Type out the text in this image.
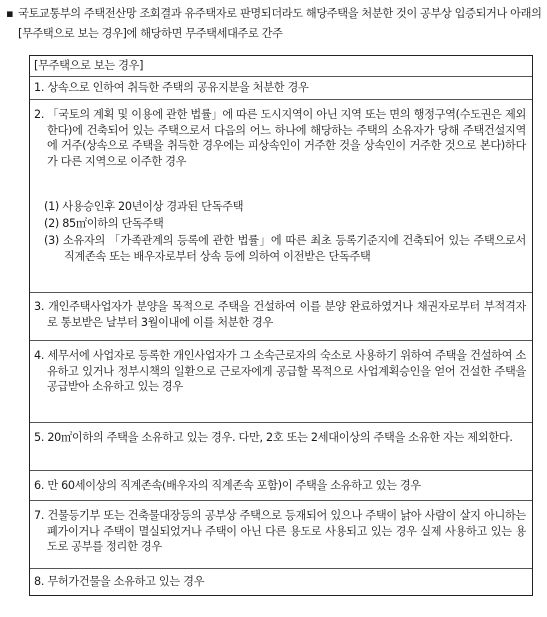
▪ 국토교통부의 주택전산망 조회결과 유주택자로 판명되더라도 해당주택을 처분한 것이 공부상 입증되거나 아래의 [무주택으로 보는 경우]에 해당하면 무주택세대주로 간주
[무주택으로 보는 경우]
1. 상속으로 인하여 취득한 주택의 공유지분을 처분한 경우
2. 「국토의 계획 및 이용에 관한 법률」에 따른 도시지역이 아닌 지역 또는 면의 행정구역(수도권은 제외한다)에 건축되어 있는 주택으로서 다음의 어느 하나에 해당하는 주택의 소유자가 당해 주택건설지역에 거주(상속으로 주택을 취득한 경우에는 피상속인이 거주한 것을 상속인이 거주한 것으로 본다)하다가 다른 지역으로 이주한 경우
(1) 사용승인후 20년이상 경과된 단독주택
(2) 85㎡이하의 단독주택
(3) 소유자의 「가족관계의 등록에 관한 법률」에 따른 최초 등록기준지에 건축되어 있는 주택으로서 직계존속 또는 배우자로부터 상속 등에 의하여 이전받은 단독주택
3. 개인주택사업자가 분양을 목적으로 주택을 건설하여 이를 분양 완료하였거나 채권자로부터 부적격자로 통보받은 날부터 3월이내에 이를 처분한 경우
4. 세무서에 사업자로 등록한 개인사업자가 그 소속근로자의 숙소로 사용하기 위하여 주택을 건설하여 소유하고 있거나 정부시책의 일환으로 근로자에게 공급할 목적으로 사업계획승인을 얻어 건설한 주택을 공급받아 소유하고 있는 경우
5. 20㎡이하의 주택을 소유하고 있는 경우. 다만, 2호 또는 2세대이상의 주택을 소유한 자는 제외한다.
6. 만 60세이상의 직계존속(배우자의 직계존속 포함)이 주택을 소유하고 있는 경우
7. 건물등기부 또는 건축물대장등의 공부상 주택으로 등재되어 있으나 주택이 낡아 사람이 살지 아니하는 폐가이거나 주택이 멸실되었거나 주택이 아닌 다른 용도로 사용되고 있는 경우 실제 사용하고 있는 용도로 공부를 정리한 경우
8. 무허가건물을 소유하고 있는 경우
